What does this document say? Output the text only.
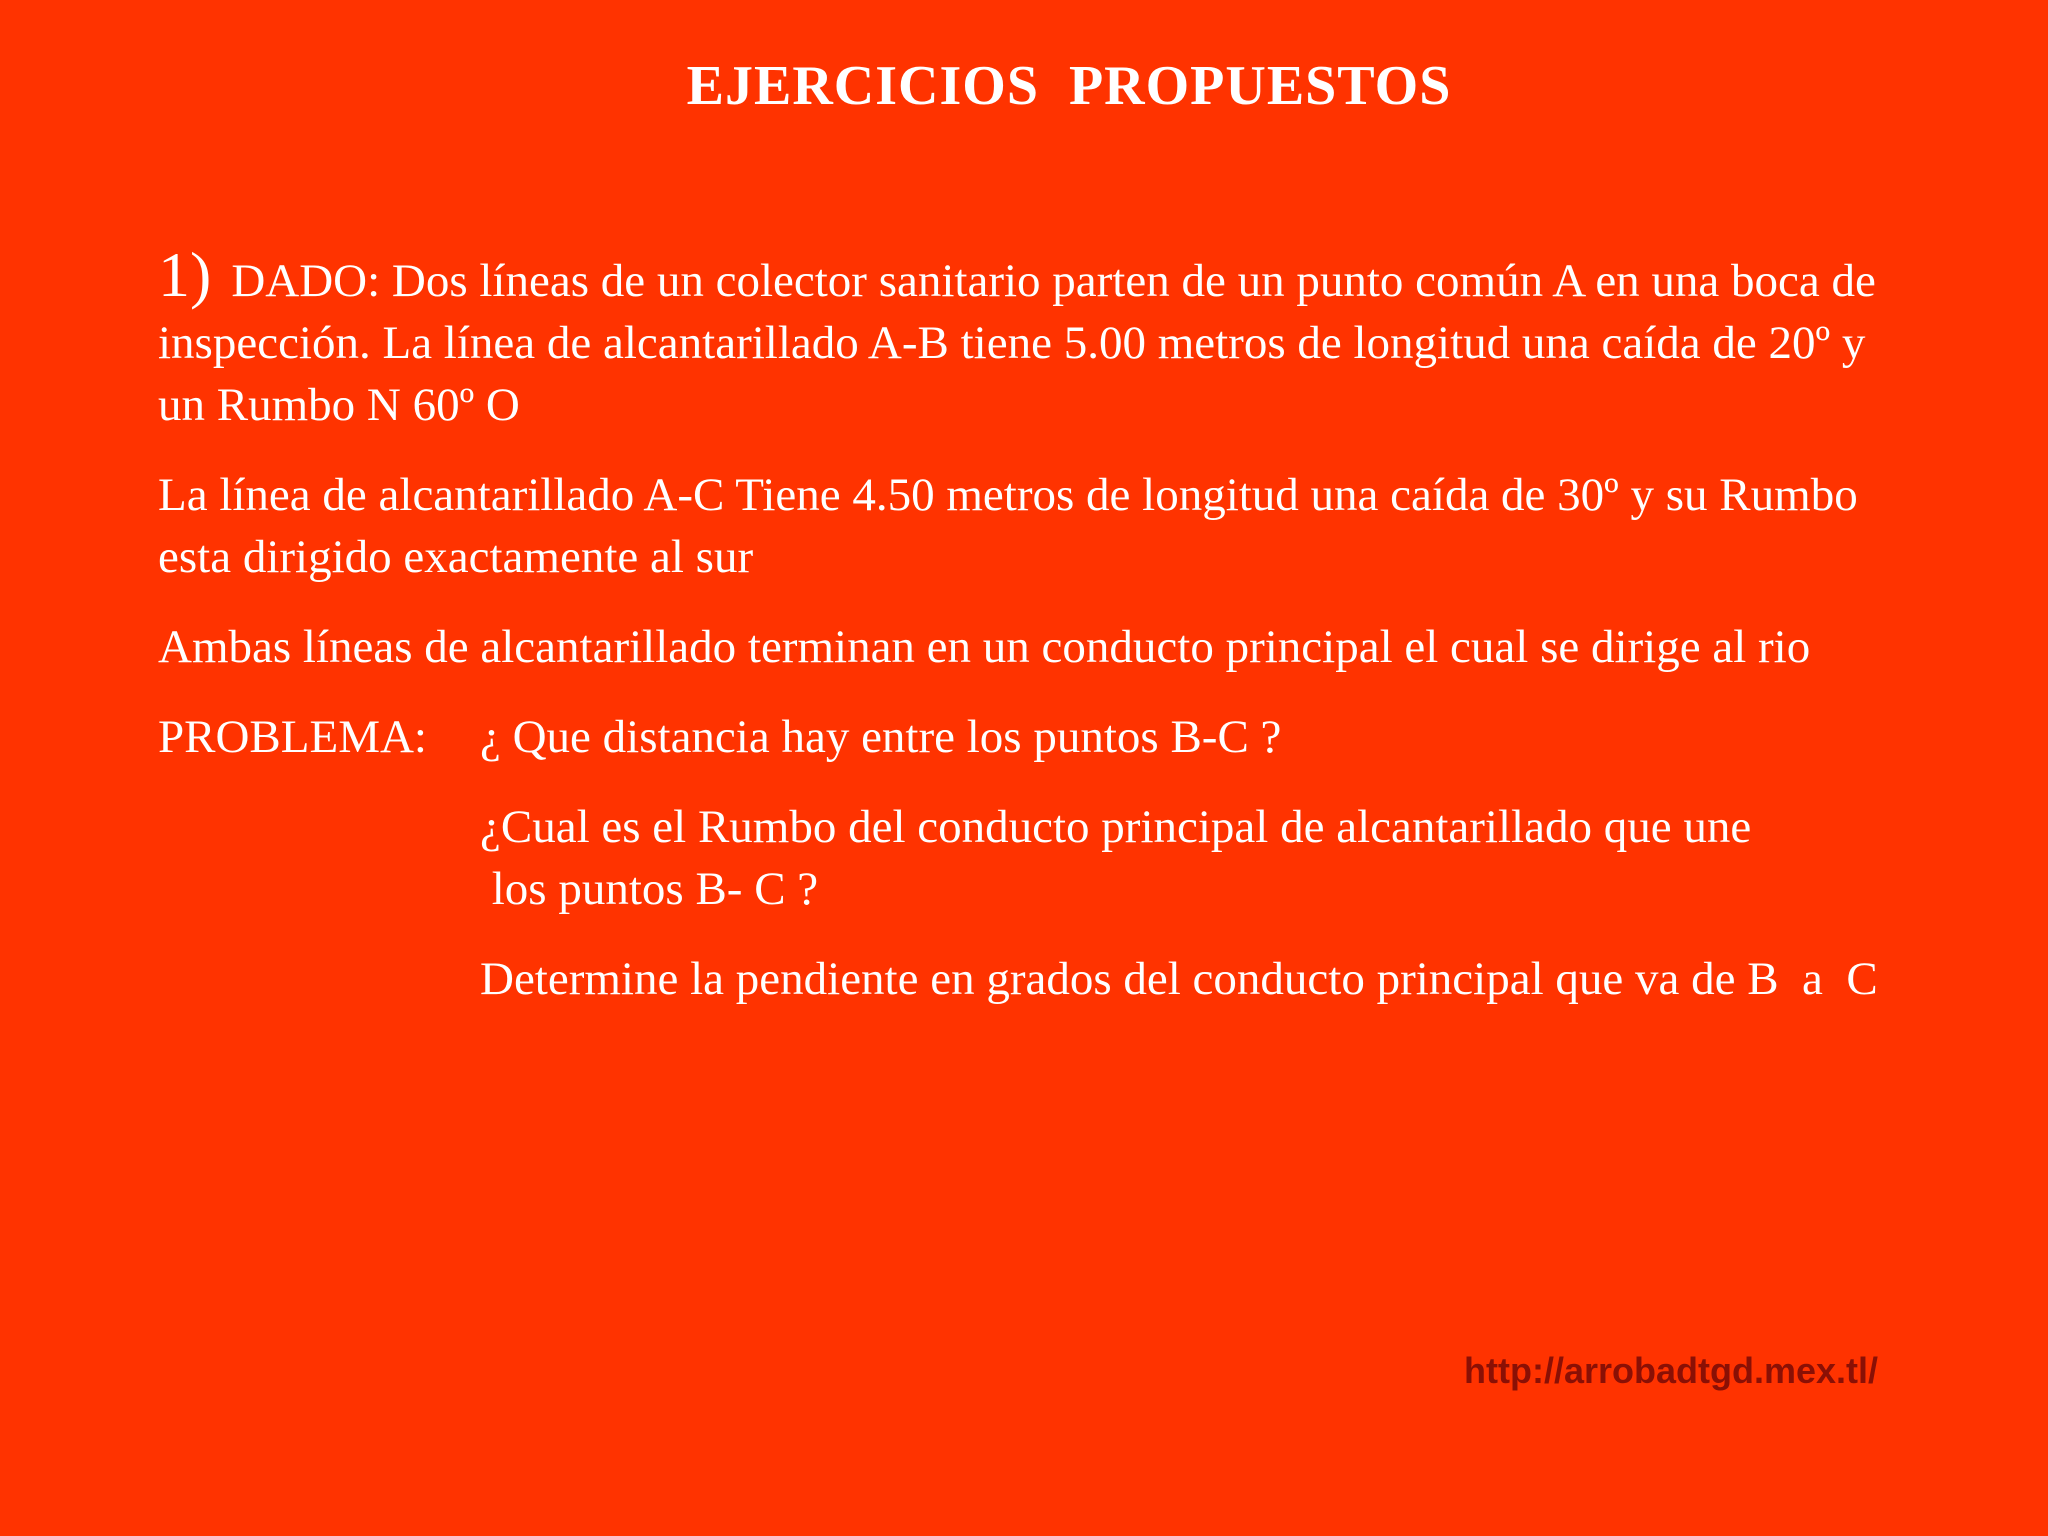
EJERCICIOS  PROPUESTOS

1) DADO: Dos líneas de un colector sanitario parten de un punto común A en una boca de inspección. La línea de alcantarillado A-B tiene 5.00 metros de longitud una caída de 20º y un Rumbo N 60º O

La línea de alcantarillado A-C Tiene 4.50 metros de longitud una caída de 30º y su Rumbo esta dirigido exactamente al sur

Ambas líneas de alcantarillado terminan en un conducto principal el cual se dirige al rio

PROBLEMA: ¿ Que distancia hay entre los puntos B-C ?
¿Cual es el Rumbo del conducto principal de alcantarillado que une
los puntos B- C ?
Determine la pendiente en grados del conducto principal que va de B  a  C
http://arrobadtgd.mex.tl/
